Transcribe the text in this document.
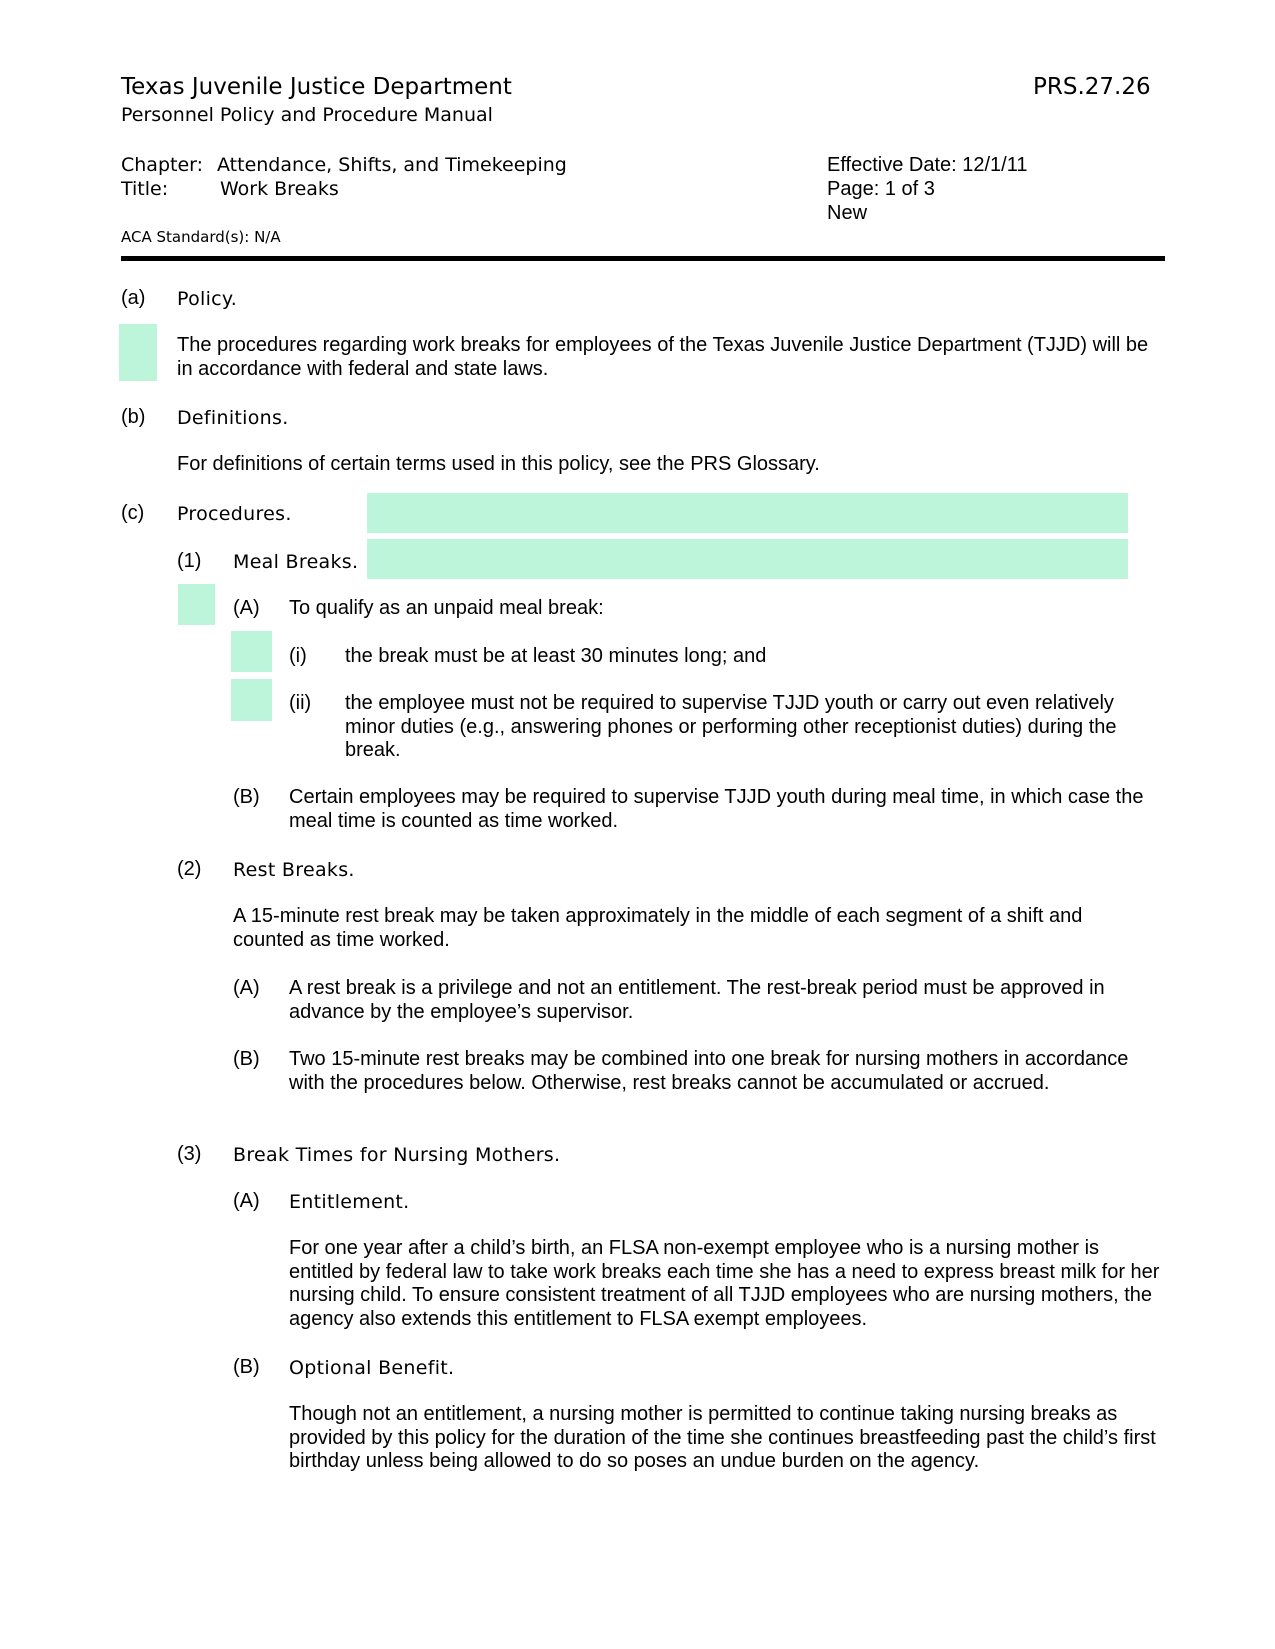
Texas Juvenile Justice Department
Personnel Policy and Procedure Manual
PRS.27.26
Chapter: Attendance, Shifts, and Timekeeping
Title:	Work Breaks
Effective Date: 12/1/11
Page: 1 of 3
New
ACA Standard(s): N/A
(a) Policy.
The procedures regarding work breaks for employees of the Texas Juvenile Justice Department (TJJD) will be in accordance with federal and state laws.
(b) Definitions.
For definitions of certain terms used in this policy, see the PRS Glossary.
(c) Procedures.
(1) Meal Breaks.
(A) To qualify as an unpaid meal break:
(i) the break must be at least 30 minutes long; and
(ii) the employee must not be required to supervise TJJD youth or carry out even relatively minor duties (e.g., answering phones or performing other receptionist duties) during the break.
(B) Certain employees may be required to supervise TJJD youth during meal time, in which case the meal time is counted as time worked.
(2) Rest Breaks.
A 15-minute rest break may be taken approximately in the middle of each segment of a shift and counted as time worked.
(A) A rest break is a privilege and not an entitlement. The rest-break period must be approved in advance by the employee’s supervisor.
(B) Two 15-minute rest breaks may be combined into one break for nursing mothers in accordance with the procedures below. Otherwise, rest breaks cannot be accumulated or accrued.
(3) Break Times for Nursing Mothers.
(A) Entitlement.
For one year after a child’s birth, an FLSA non-exempt employee who is a nursing mother is entitled by federal law to take work breaks each time she has a need to express breast milk for her nursing child. To ensure consistent treatment of all TJJD employees who are nursing mothers, the agency also extends this entitlement to FLSA exempt employees.
(B) Optional Benefit.
Though not an entitlement, a nursing mother is permitted to continue taking nursing breaks as provided by this policy for the duration of the time she continues breastfeeding past the child’s first birthday unless being allowed to do so poses an undue burden on the agency.
